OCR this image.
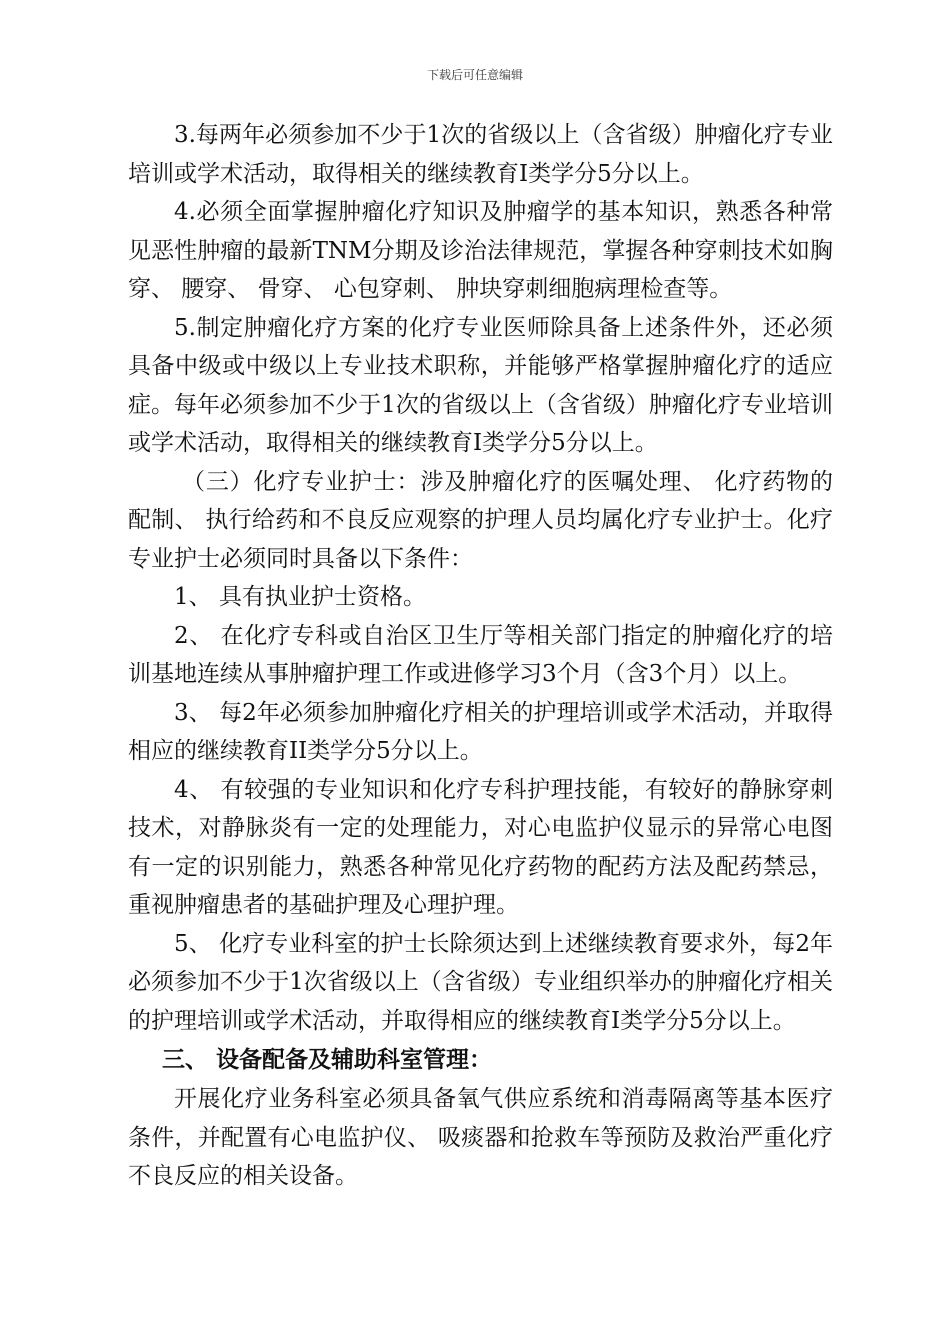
下载后可任意编辑

3.每两年必须参加不少于1次的省级以上（含省级）肿瘤化疗专业培训或学术活动，取得相关的继续教育I类学分5分以上。

4.必须全面掌握肿瘤化疗知识及肿瘤学的基本知识，熟悉各种常见恶性肿瘤的最新TNM分期及诊治法律规范，掌握各种穿刺技术如胸穿、 腰穿、 骨穿、 心包穿刺、 肿块穿刺细胞病理检查等。

5.制定肿瘤化疗方案的化疗专业医师除具备上述条件外，还必须具备中级或中级以上专业技术职称，并能够严格掌握肿瘤化疗的适应症。每年必须参加不少于1次的省级以上（含省级）肿瘤化疗专业培训或学术活动，取得相关的继续教育I类学分5分以上。

（三）化疗专业护士：涉及肿瘤化疗的医嘱处理、 化疗药物的配制、 执行给药和不良反应观察的护理人员均属化疗专业护士。化疗专业护士必须同时具备以下条件：

1、 具有执业护士资格。

2、 在化疗专科或自治区卫生厅等相关部门指定的肿瘤化疗的培训基地连续从事肿瘤护理工作或进修学习3个月（含3个月）以上。

3、 每2年必须参加肿瘤化疗相关的护理培训或学术活动，并取得相应的继续教育II类学分5分以上。

4、 有较强的专业知识和化疗专科护理技能，有较好的静脉穿刺技术，对静脉炎有一定的处理能力，对心电监护仪显示的异常心电图有一定的识别能力，熟悉各种常见化疗药物的配药方法及配药禁忌，重视肿瘤患者的基础护理及心理护理。

5、 化疗专业科室的护士长除须达到上述继续教育要求外，每2年必须参加不少于1次省级以上（含省级）专业组织举办的肿瘤化疗相关的护理培训或学术活动，并取得相应的继续教育I类学分5分以上。

三、 设备配备及辅助科室管理：

开展化疗业务科室必须具备氧气供应系统和消毒隔离等基本医疗条件，并配置有心电监护仪、 吸痰器和抢救车等预防及救治严重化疗不良反应的相关设备。
